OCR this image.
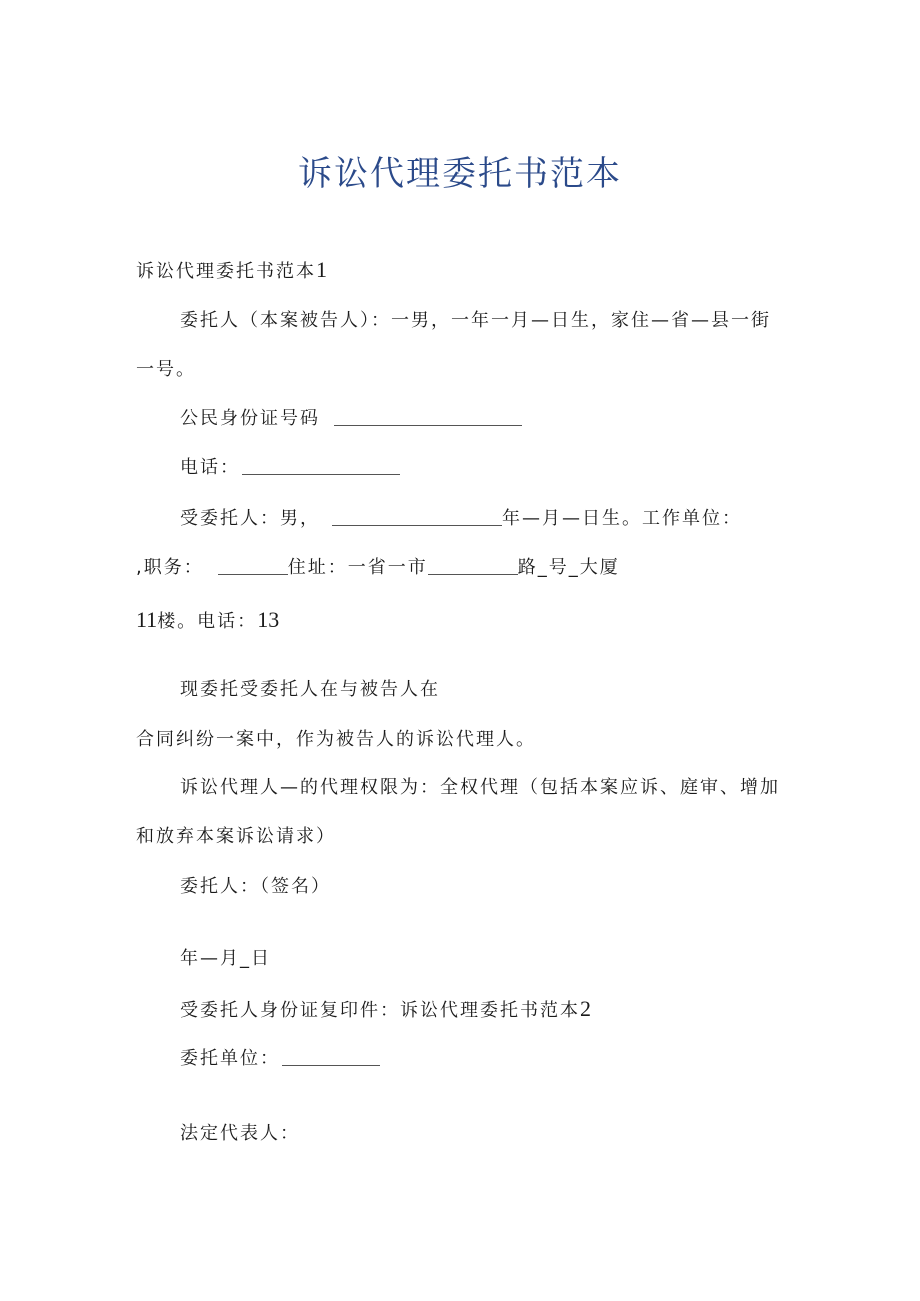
诉讼代理委托书范本
诉讼代理委托书范本1
委托人（本案被告人）：一男，一年一月—日生，家住—省—县一街
一号。
公民身份证号码
电话：
受委托人：男，	年—月—日生。工作单位：
,职务：	住址：一省一市	路_号_大厦
11楼。电话：13
现委托受委托人在与被告人在
合同纠纷一案中，作为被告人的诉讼代理人。
诉讼代理人—的代理权限为：全权代理（包括本案应诉、庭审、增加
和放弃本案诉讼请求）
委托人：（签名）
年—月_日
受委托人身份证复印件：诉讼代理委托书范本2
委托单位：
法定代表人：
